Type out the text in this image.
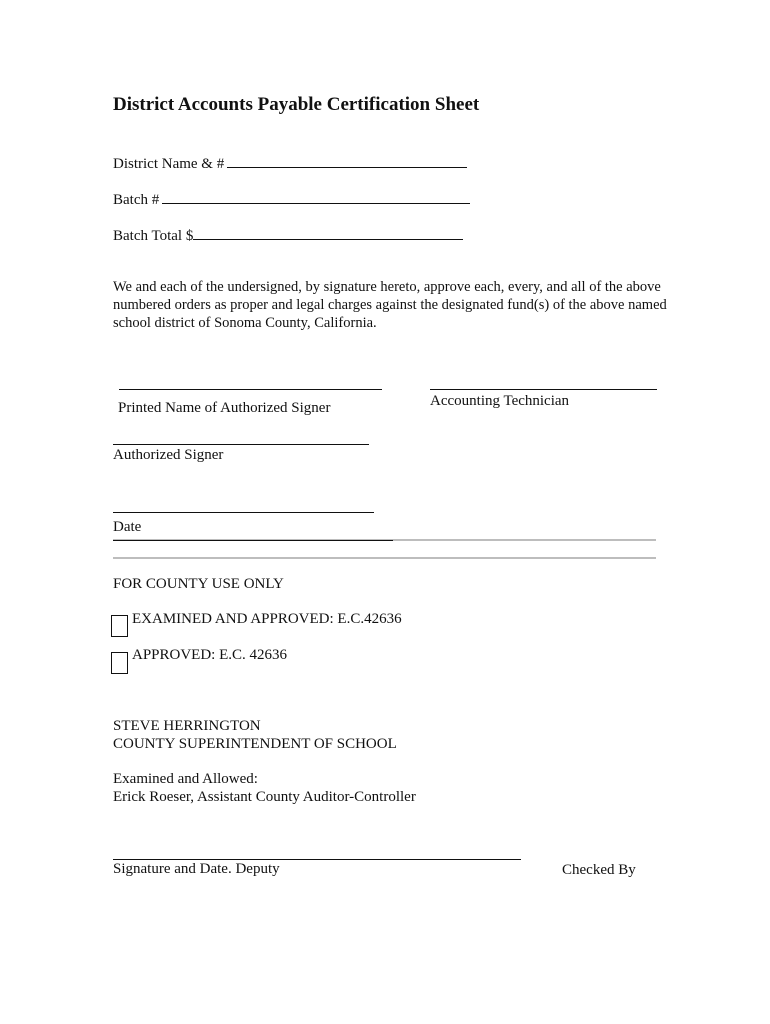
District Accounts Payable Certification Sheet
District Name & #
Batch #
Batch Total $
We and each of the undersigned, by signature hereto, approve each, every, and all of the above numbered orders as proper and legal charges against the designated fund(s) of the above named school district of Sonoma County, California.
Printed Name of Authorized Signer	Accounting Technician
Authorized Signer
Date
FOR COUNTY USE ONLY
EXAMINED AND APPROVED: E.C.42636
APPROVED: E.C. 42636
STEVE HERRINGTON
COUNTY SUPERINTENDENT OF SCHOOL
Examined and Allowed:
Erick Roeser, Assistant County Auditor-Controller
Signature and Date. Deputy	Checked By
